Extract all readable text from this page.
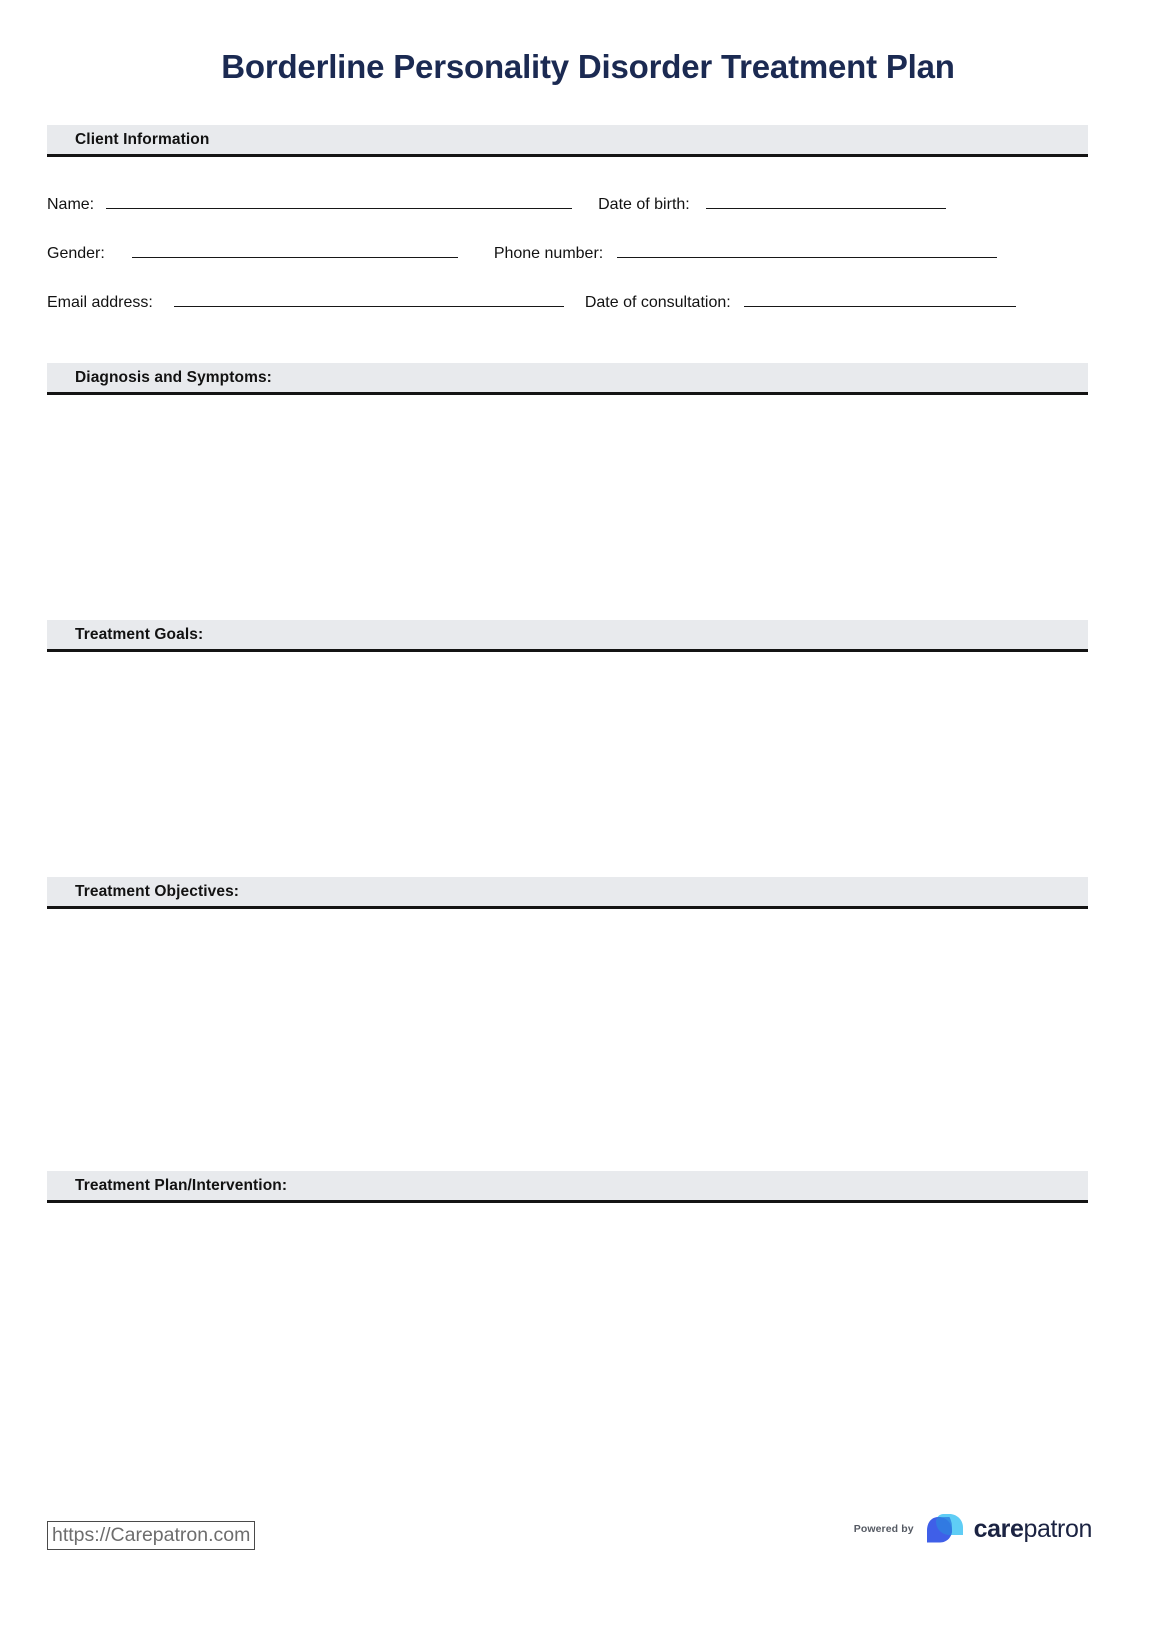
Borderline Personality Disorder Treatment Plan
Client Information
Name:	Date of birth:
Gender:	Phone number:
Email address:	Date of consultation:
Diagnosis and Symptoms:
Treatment Goals:
Treatment Objectives:
Treatment Plan/Intervention:
https://Carepatron.com	Powered by carepatron
